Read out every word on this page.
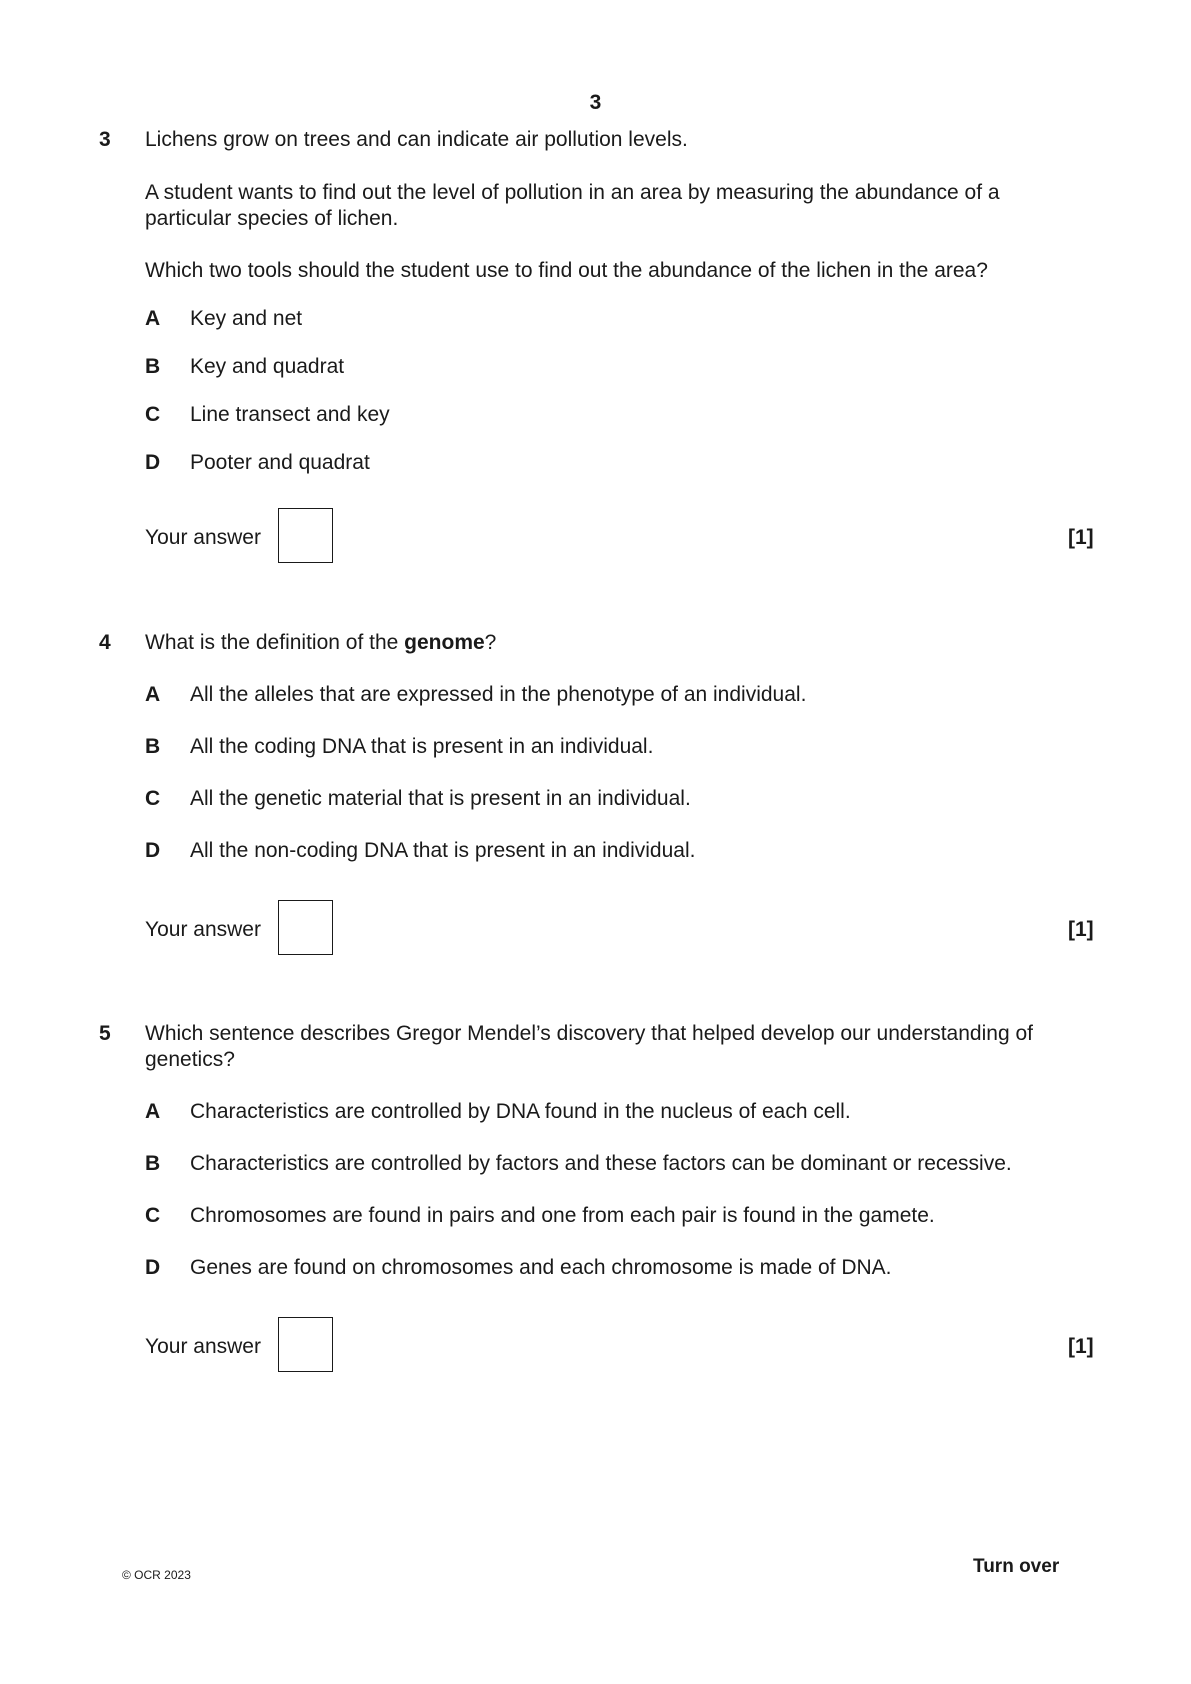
3
3 Lichens grow on trees and can indicate air pollution levels.
A student wants to find out the level of pollution in an area by measuring the abundance of a
particular species of lichen.
Which two tools should the student use to find out the abundance of the lichen in the area?
A Key and net
B Key and quadrat
C Line transect and key
D Pooter and quadrat
Your answer	[1]
4 What is the definition of the genome?
A All the alleles that are expressed in the phenotype of an individual.
B All the coding DNA that is present in an individual.
C All the genetic material that is present in an individual.
D All the non-coding DNA that is present in an individual.
Your answer	[1]
5 Which sentence describes Gregor Mendel’s discovery that helped develop our understanding of
genetics?
A Characteristics are controlled by DNA found in the nucleus of each cell.
B Characteristics are controlled by factors and these factors can be dominant or recessive.
C Chromosomes are found in pairs and one from each pair is found in the gamete.
D Genes are found on chromosomes and each chromosome is made of DNA.
Your answer	[1]
© OCR 2023	Turn over
